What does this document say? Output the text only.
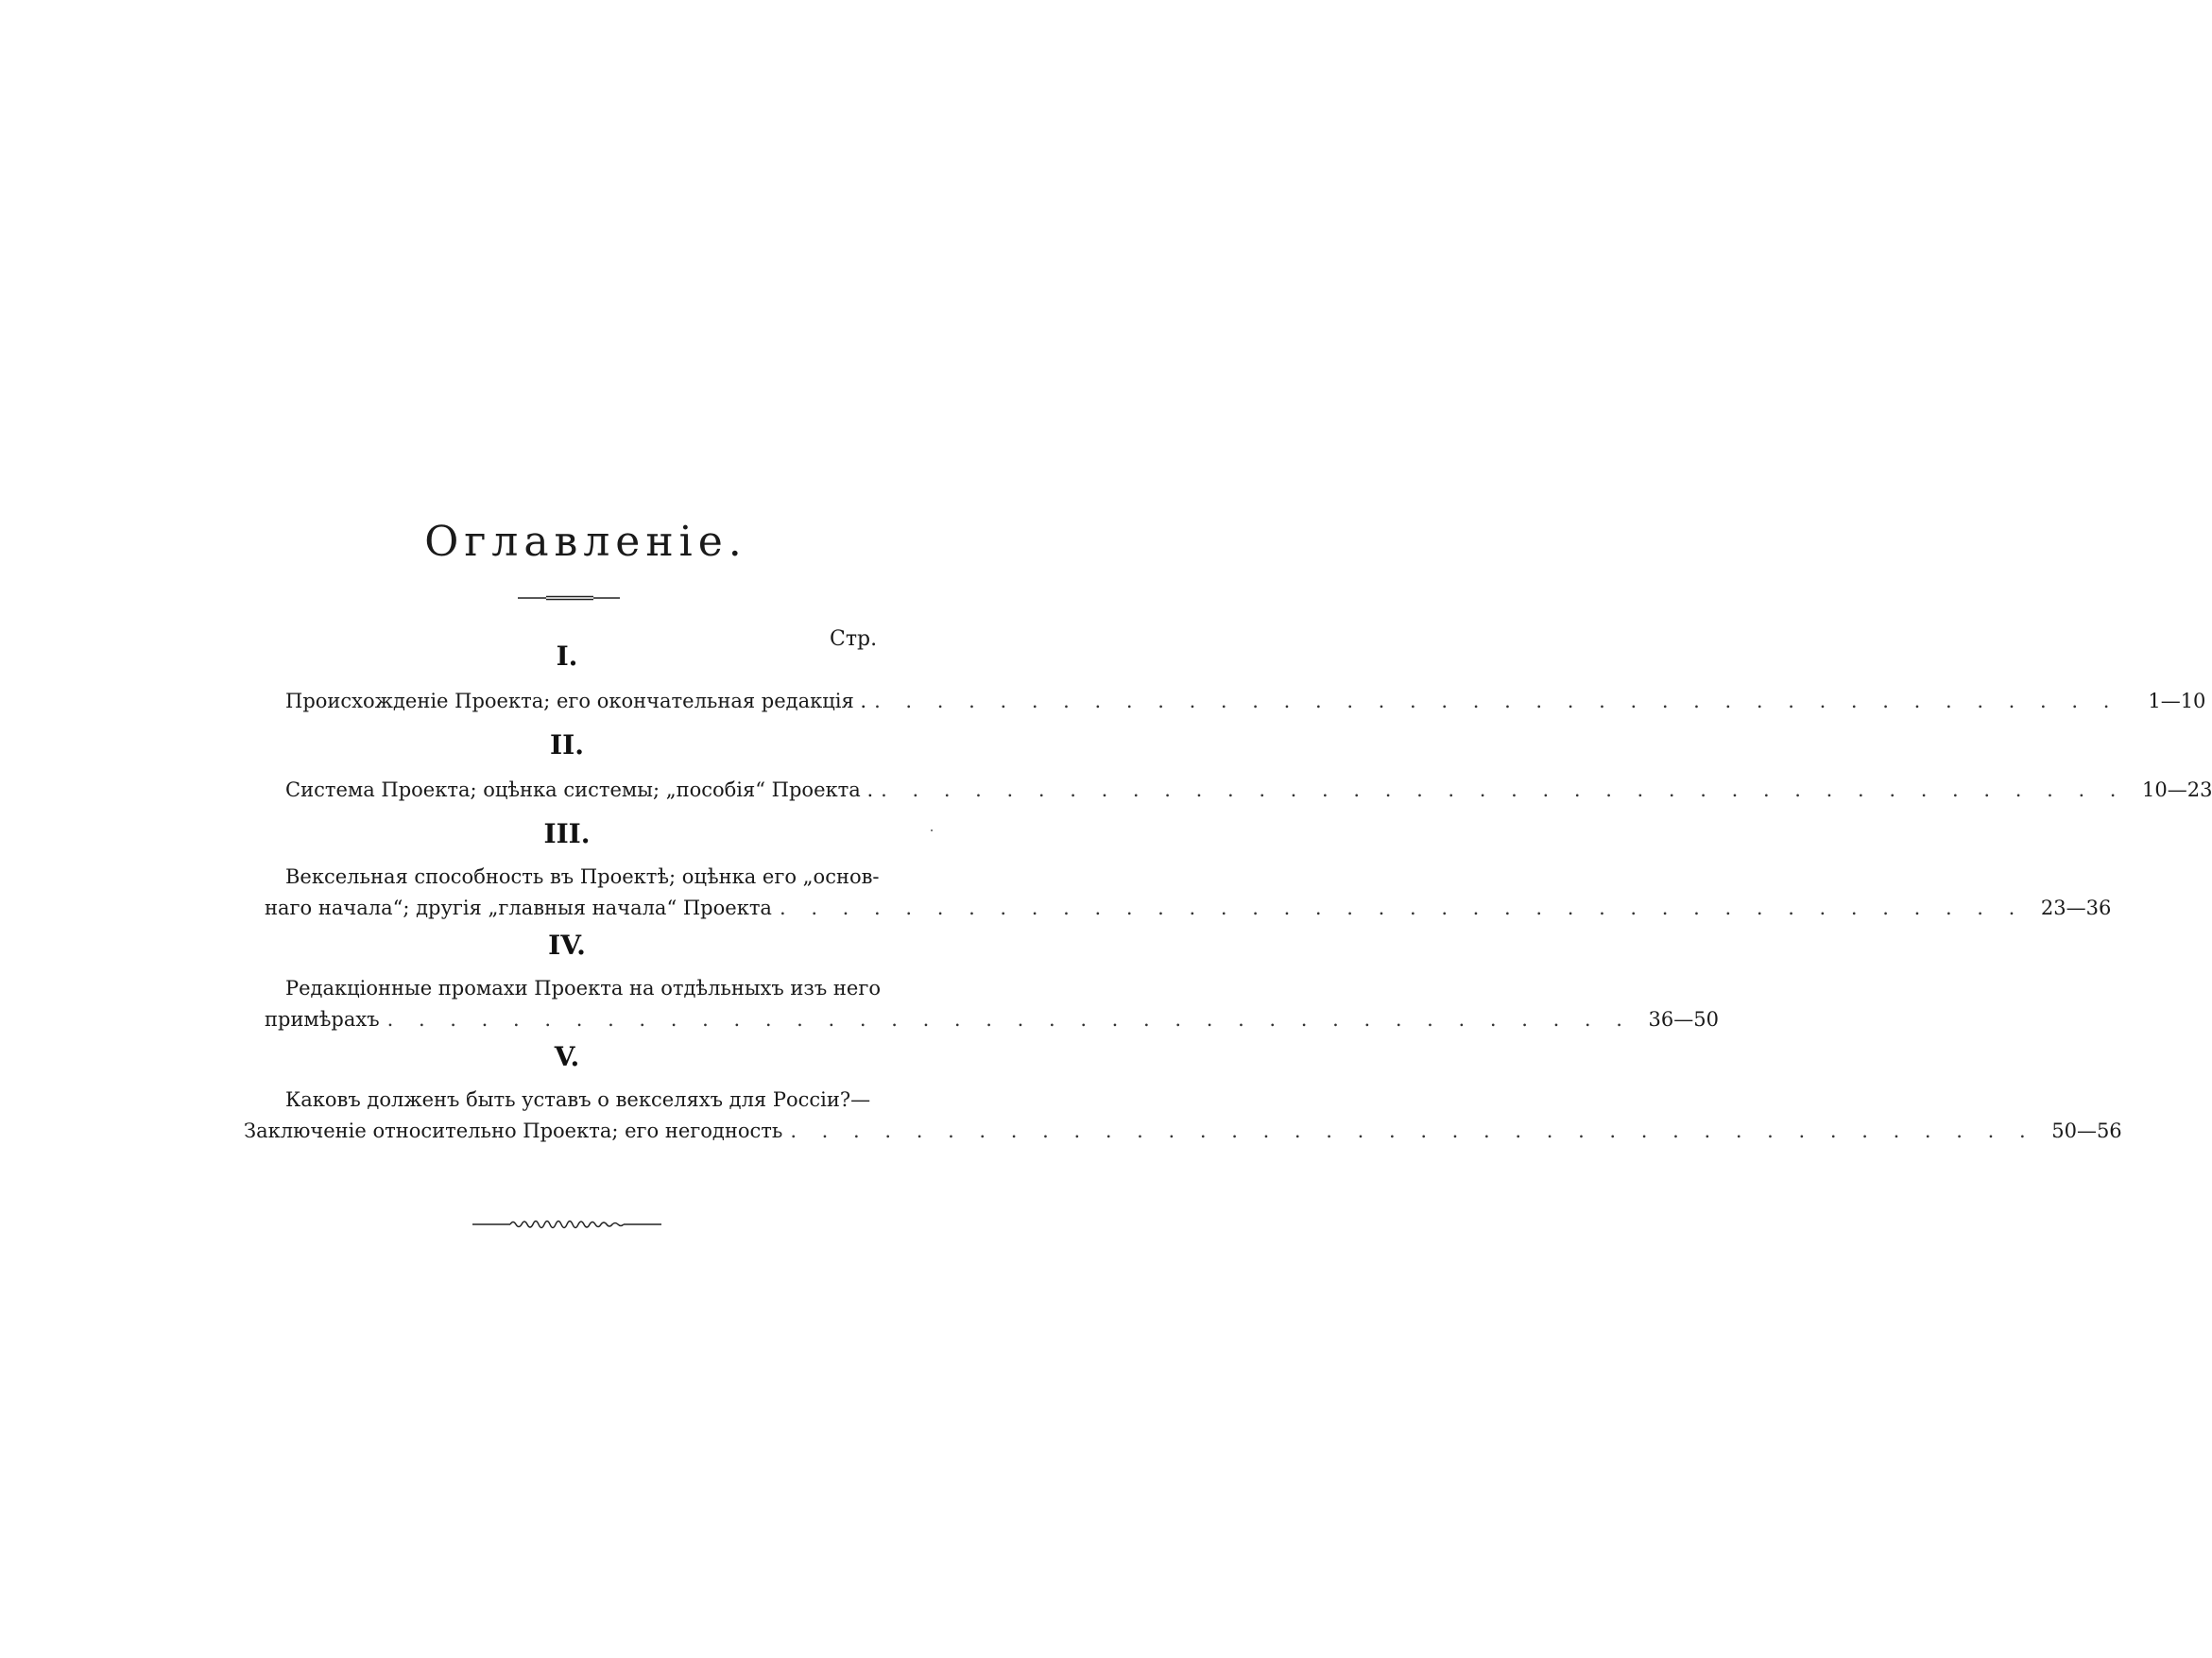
Оглавленіе.
Стр.
I.
Происхожденіе Проекта; его окончательная редакція . . . . . . . . . . . . . . . . . . . . . . . . . . . . . . . . . . . . . . . . .	1—10
II.
Система Проекта; оцѣнка системы; „пособія“ Проекта . . . . . . . . . . . . . . . . . . . . . . . . . . . . . . . . . . . . . . . . . 10—23
III.
Вексельная способность въ Проектѣ; оцѣнка его „основ-
наго начала“; другія „главныя начала“ Проекта . . . . . . . . . . . . . . . . . . . . . . . . . . . . . . . . . . . . . . . . 23—36
IV.
Редакціонные промахи Проекта на отдѣльныхъ изъ него
примѣрахъ . . . . . . . . . . . . . . . . . . . . . . . . . . . . . . . . . . . . . . . . 36—50
V.
Каковъ долженъ быть уставъ о векселяхъ для Россіи?—
Заключеніе относительно Проекта; его негодность . . . . . . . . . . . . . . . . . . . . . . . . . . . . . . . . . . . . . . . . 50—56
